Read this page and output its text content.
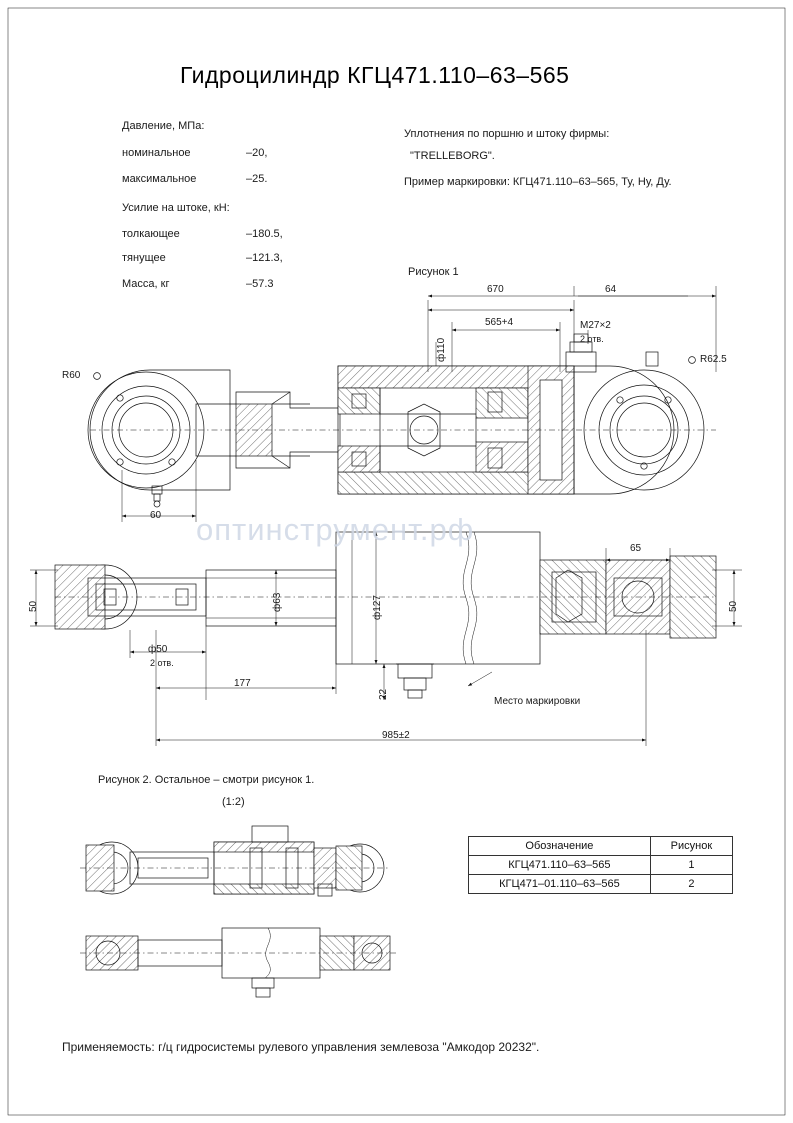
Гидроцилиндр КГЦ471.110–63–565
Давление, МПа:
номинальное	–20,
максимальное	–25.
Усилие на штоке, кН:
толкающее	–180.5,
тянущее	–121.3,
Масса, кг	–57.3
Уплотнения по поршню и штоку фирмы:
"TRELLEBORG".
Пример маркировки: КГЦ471.110–63–565, Ту, Ну, Ду.
Рисунок 1
670	64
565+4	M27×2
2 отв.
ф110
R60
R62.5
60
50	50
65
ф63	ф127
ф50
2 отв.
177
22
985±2
Место маркировки
Рисунок 2. Остальное – смотри рисунок 1.
(1:2)
Обозначение	Рисунок
КГЦ471.110–63–565	1
КГЦ471–01.110–63–565	2
Применяемость: г/ц гидросистемы рулевого управления землевоза "Амкодор 20232".
оптинструмент.рф
